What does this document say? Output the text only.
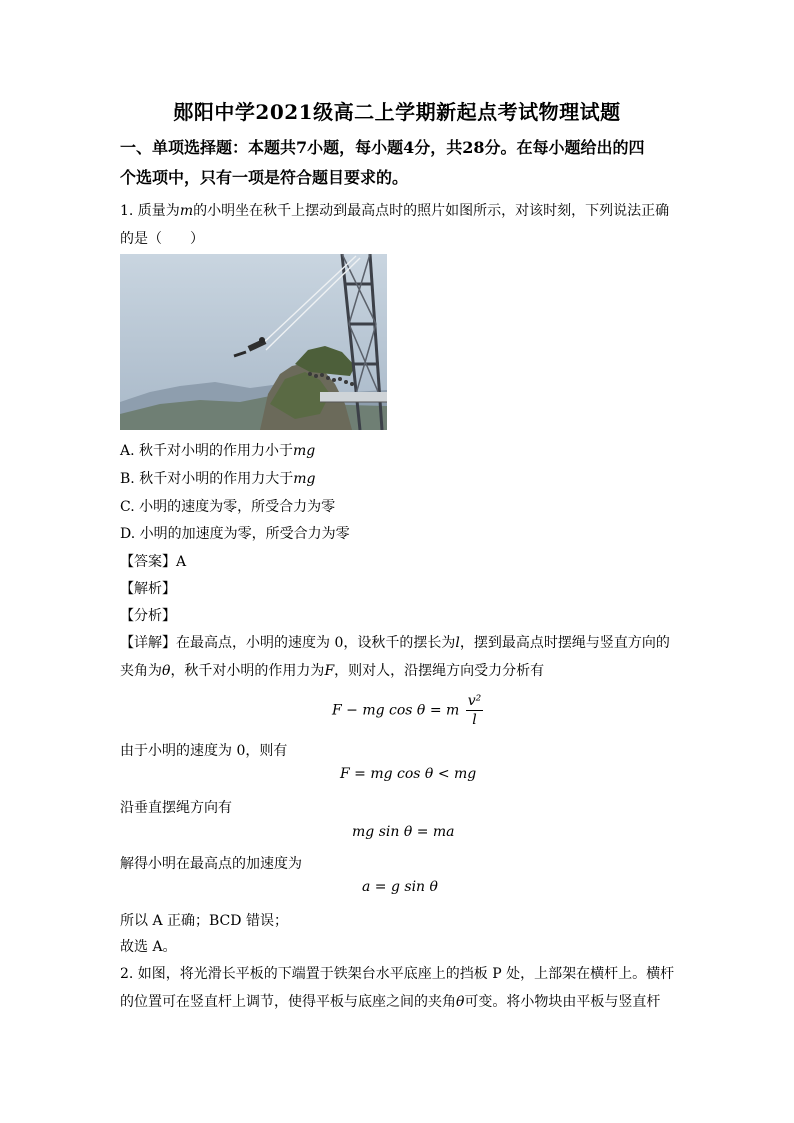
郧阳中学2021级高二上学期新起点考试物理试题
一、单项选择题：本题共7小题，每小题4分，共28分。在每小题给出的四
个选项中，只有一项是符合题目要求的。
1. 质量为m的小明坐在秋千上摆动到最高点时的照片如图所示，对该时刻，下列说法正确
的是（　　）
A. 秋千对小明的作用力小于mg
B. 秋千对小明的作用力大于mg
C. 小明的速度为零，所受合力为零
D. 小明的加速度为零，所受合力为零
【答案】A
【解析】
【分析】
【详解】在最高点，小明的速度为 0，设秋千的摆长为l，摆到最高点时摆绳与竖直方向的
夹角为θ，秋千对小明的作用力为F，则对人，沿摆绳方向受力分析有
F − mg cos θ = m $\frac{\text{v²}}{l}$
由于小明的速度为 0，则有
F = mg cos θ < mg
沿垂直摆绳方向有
mg sin θ = ma
解得小明在最高点的加速度为
a = g sin θ
所以 A 正确；BCD 错误；
故选 A。
2. 如图，将光滑长平板的下端置于铁架台水平底座上的挡板 P 处，上部架在横杆上。横杆
的位置可在竖直杆上调节，使得平板与底座之间的夹角θ可变。将小物块由平板与竖直杆
